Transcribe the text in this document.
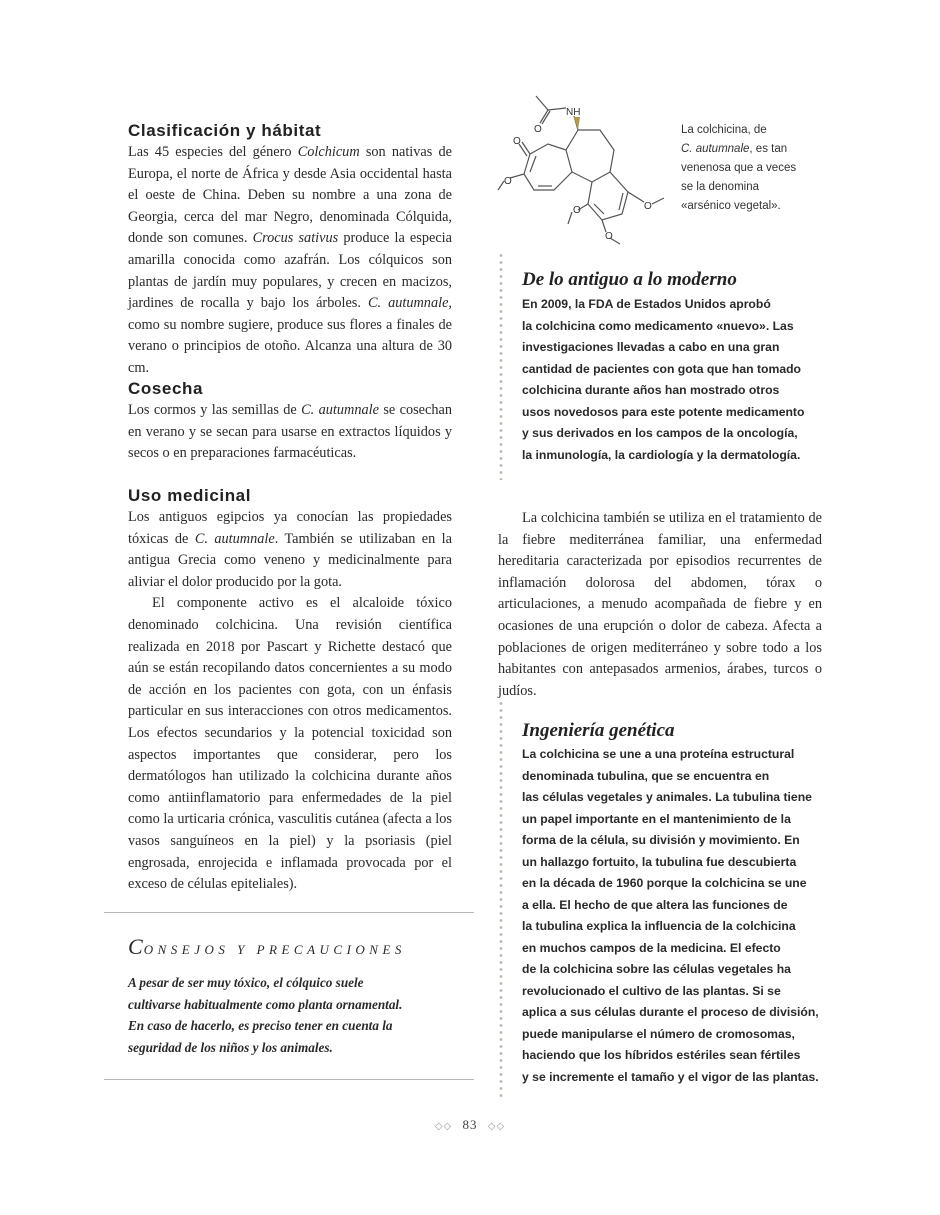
Clasificación y hábitat

Las 45 especies del género Colchicum son nativas de Europa, el norte de África y desde Asia occidental hasta el oeste de China. Deben su nombre a una zona de Georgia, cerca del mar Negro, denominada Cólquida, donde son comunes. Crocus sativus produce la especia amarilla conocida como azafrán. Los cólquicos son plantas de jardín muy populares, y crecen en macizos, jardines de rocalla y bajo los árboles. C. autumnale, como su nombre sugiere, produce sus flores a finales de verano o principios de otoño. Alcanza una altura de 30 cm.

Cosecha

Los cormos y las semillas de C. autumnale se cosechan en verano y se secan para usarse en extractos líquidos y secos o en preparaciones farmacéuticas.

Uso medicinal

Los antiguos egipcios ya conocían las propiedades tóxicas de C. autumnale. También se utilizaban en la antigua Grecia como veneno y medicinalmente para aliviar el dolor producido por la gota.

El componente activo es el alcaloide tóxico denominado colchicina. Una revisión científica realizada en 2018 por Pascart y Richette destacó que aún se están recopilando datos concernientes a su modo de acción en los pacientes con gota, con un énfasis particular en sus interacciones con otros medicamentos. Los efectos secundarios y la potencial toxicidad son aspectos importantes que considerar, pero los dermatólogos han utilizado la colchicina durante años como antiinflamatorio para enfermedades de la piel como la urticaria crónica, vasculitis cutánea (afecta a los vasos sanguíneos en la piel) y la psoriasis (piel engrosada, enrojecida e inflamada provocada por el exceso de células epiteliales).

CONSEJOS Y PRECAUCIONES

A pesar de ser muy tóxico, el cólquico suele
cultivarse habitualmente como planta ornamental.
En caso de hacerlo, es preciso tener en cuenta la
seguridad de los niños y los animales.

NH
O
O
O
O
O
O

La colchicina, de
C. autumnale, es tan
venenosa que a veces
se la denomina
«arsénico vegetal».

De lo antiguo a lo moderno

En 2009, la FDA de Estados Unidos aprobó
la colchicina como medicamento «nuevo». Las
investigaciones llevadas a cabo en una gran
cantidad de pacientes con gota que han tomado
colchicina durante años han mostrado otros
usos novedosos para este potente medicamento
y sus derivados en los campos de la oncología,
la inmunología, la cardiología y la dermatología.

La colchicina también se utiliza en el tratamiento de la fiebre mediterránea familiar, una enfermedad hereditaria caracterizada por episodios recurrentes de inflamación dolorosa del abdomen, tórax o articulaciones, a menudo acompañada de fiebre y en ocasiones de una erupción o dolor de cabeza. Afecta a poblaciones de origen mediterráneo y sobre todo a los habitantes con antepasados armenios, árabes, turcos o judíos.

Ingeniería genética

La colchicina se une a una proteína estructural
denominada tubulina, que se encuentra en
las células vegetales y animales. La tubulina tiene
un papel importante en el mantenimiento de la
forma de la célula, su división y movimiento. En
un hallazgo fortuito, la tubulina fue descubierta
en la década de 1960 porque la colchicina se une
a ella. El hecho de que altera las funciones de
la tubulina explica la influencia de la colchicina
en muchos campos de la medicina. El efecto
de la colchicina sobre las células vegetales ha
revolucionado el cultivo de las plantas. Si se
aplica a sus células durante el proceso de división,
puede manipularse el número de cromosomas,
haciendo que los híbridos estériles sean fértiles
y se incremente el tamaño y el vigor de las plantas.

◇◇ 83 ◇◇
